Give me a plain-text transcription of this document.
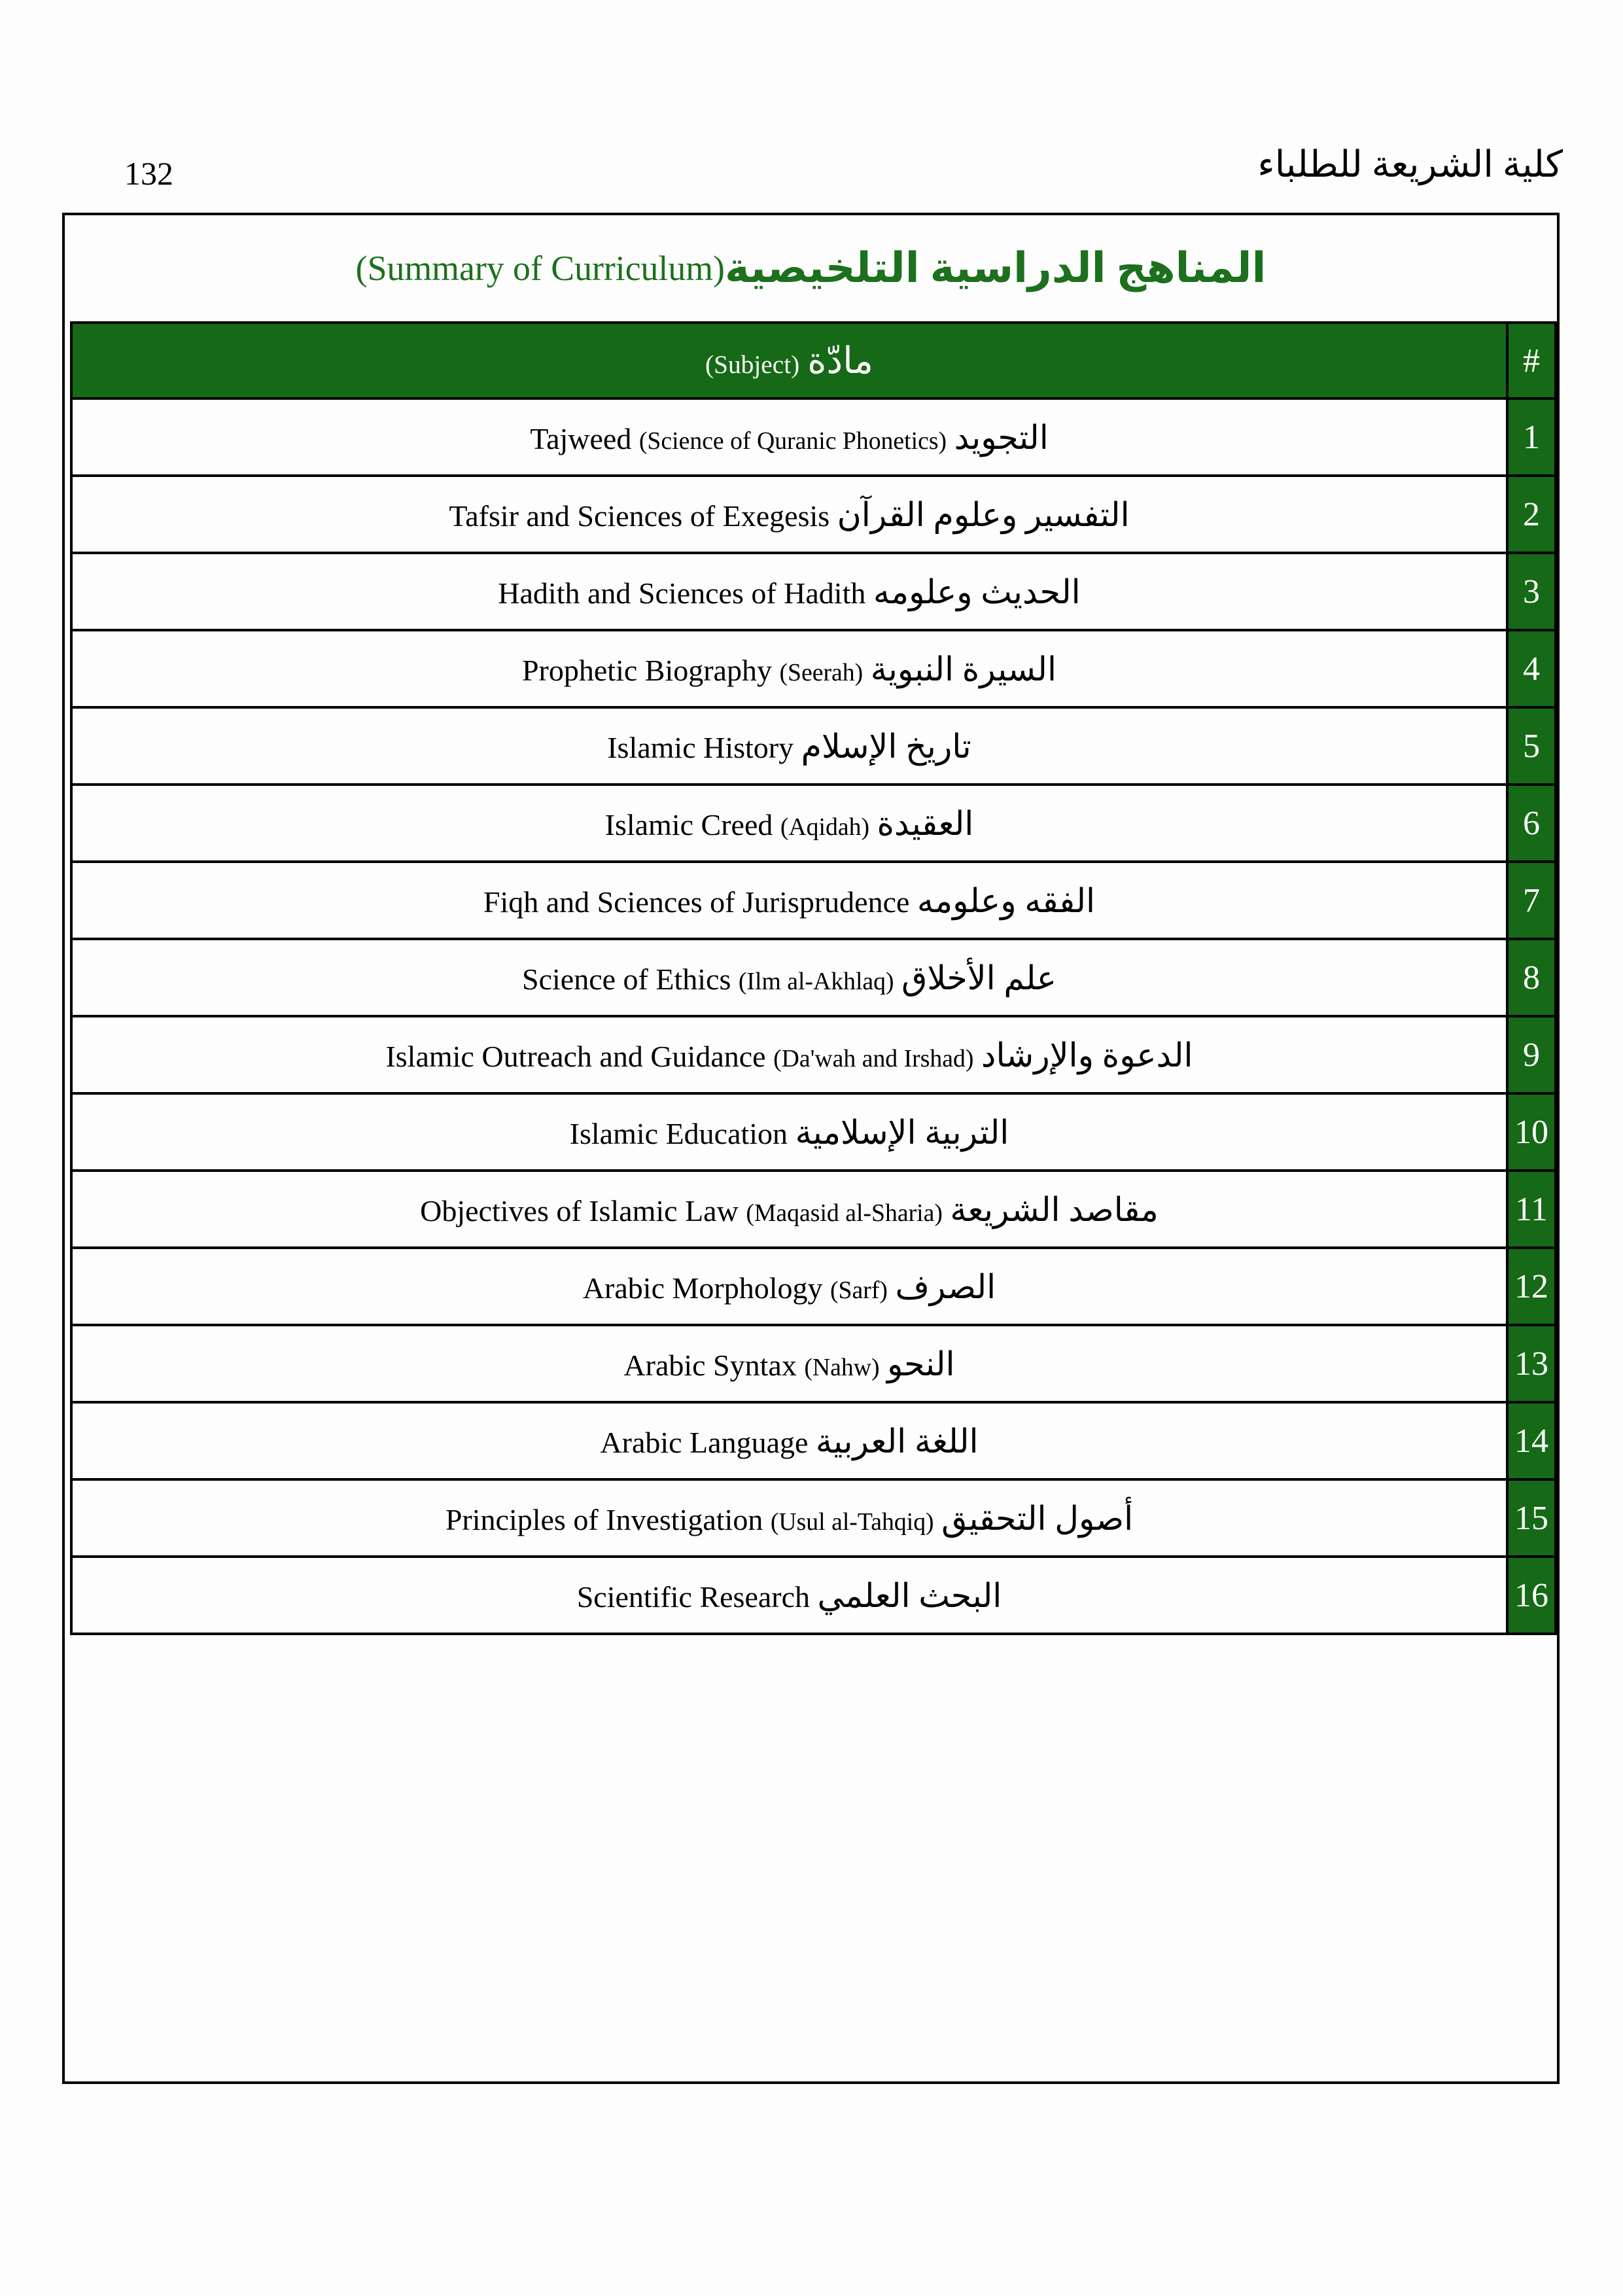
132	كلية الشريعة للطلباء
(Summary of Curriculum) المناهج الدراسية التلخيصية
(Subject) مادّة	#
Tajweed (Science of Quranic Phonetics) التجويد	1
Tafsir and Sciences of Exegesis التفسير وعلوم القرآن	2
Hadith and Sciences of Hadith الحديث وعلومه	3
Prophetic Biography (Seerah) السيرة النبوية	4
Islamic History تاريخ الإسلام	5
Islamic Creed (Aqidah) العقيدة	6
Fiqh and Sciences of Jurisprudence الفقه وعلومه	7
Science of Ethics (Ilm al-Akhlaq) علم الأخلاق	8
Islamic Outreach and Guidance (Da'wah and Irshad) الدعوة والإرشاد	9
Islamic Education التربية الإسلامية	10
Objectives of Islamic Law (Maqasid al-Sharia) مقاصد الشريعة	11
Arabic Morphology (Sarf) الصرف	12
Arabic Syntax (Nahw) النحو	13
Arabic Language اللغة العربية	14
Principles of Investigation (Usul al-Tahqiq) أصول التحقيق	15
Scientific Research البحث العلمي	16
